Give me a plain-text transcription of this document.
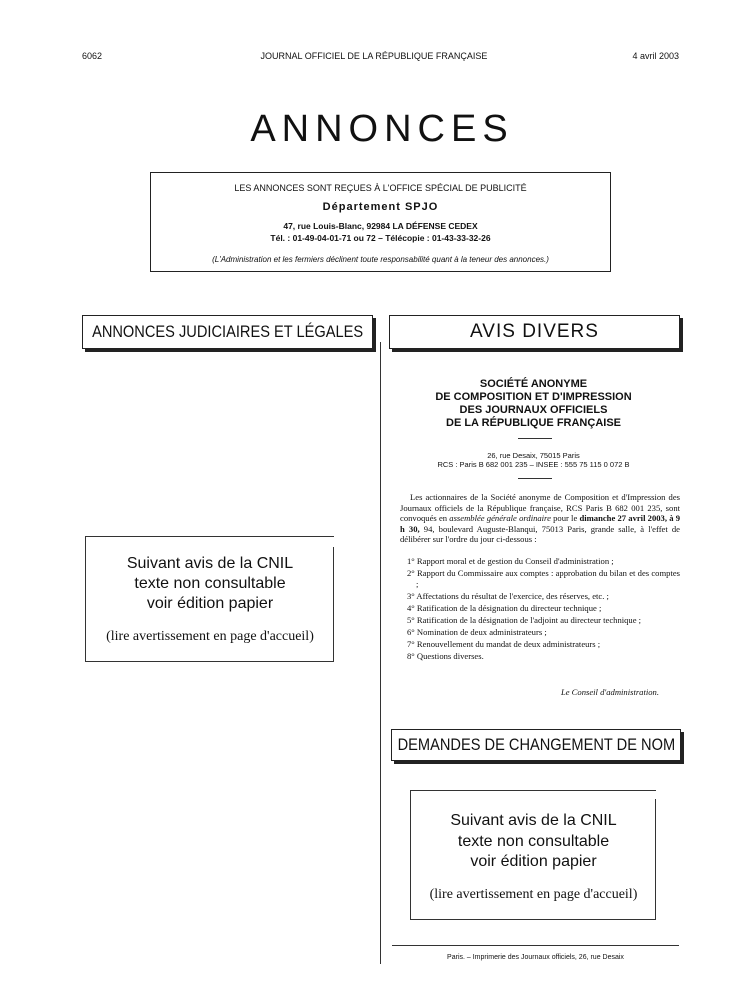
6062	JOURNAL OFFICIEL DE LA RÉPUBLIQUE FRANÇAISE	4 avril 2003
ANNONCES
LES ANNONCES SONT REÇUES À L'OFFICE SPÉCIAL DE PUBLICITÉ
Département SPJO
47, rue Louis-Blanc, 92984 LA DÉFENSE CEDEX
Tél. : 01-49-04-01-71 ou 72 – Télécopie : 01-43-33-32-26
(L'Administration et les fermiers déclinent toute responsabilité quant à la teneur des annonces.)
ANNONCES JUDICIAIRES ET LÉGALES
Suivant avis de la CNIL
texte non consultable
voir édition papier
(lire avertissement en page d'accueil)
AVIS DIVERS
SOCIÉTÉ ANONYME
DE COMPOSITION ET D'IMPRESSION
DES JOURNAUX OFFICIELS
DE LA RÉPUBLIQUE FRANÇAISE
26, rue Desaix, 75015 Paris
RCS : Paris B 682 001 235 – INSEE : 555 75 115 0 072 B

Les actionnaires de la Société anonyme de Composition et d'Impression des Journaux officiels de la République française, RCS Paris B 682 001 235, sont convoqués en assemblée générale ordinaire pour le dimanche 27 avril 2003, à 9 h 30, 94, boulevard Auguste-Blanqui, 75013 Paris, grande salle, à l'effet de délibérer sur l'ordre du jour ci-dessous :

1° Rapport moral et de gestion du Conseil d'administration ;
2° Rapport du Commissaire aux comptes : approbation du bilan et des comptes ;
3° Affectations du résultat de l'exercice, des réserves, etc. ;
4° Ratification de la désignation du directeur technique ;
5° Ratification de la désignation de l'adjoint au directeur technique ;
6° Nomination de deux administrateurs ;
7° Renouvellement du mandat de deux administrateurs ;
8° Questions diverses.
Le Conseil d'administration.
DEMANDES DE CHANGEMENT DE NOM
Suivant avis de la CNIL
texte non consultable
voir édition papier
(lire avertissement en page d'accueil)
Paris. – Imprimerie des Journaux officiels, 26, rue Desaix
